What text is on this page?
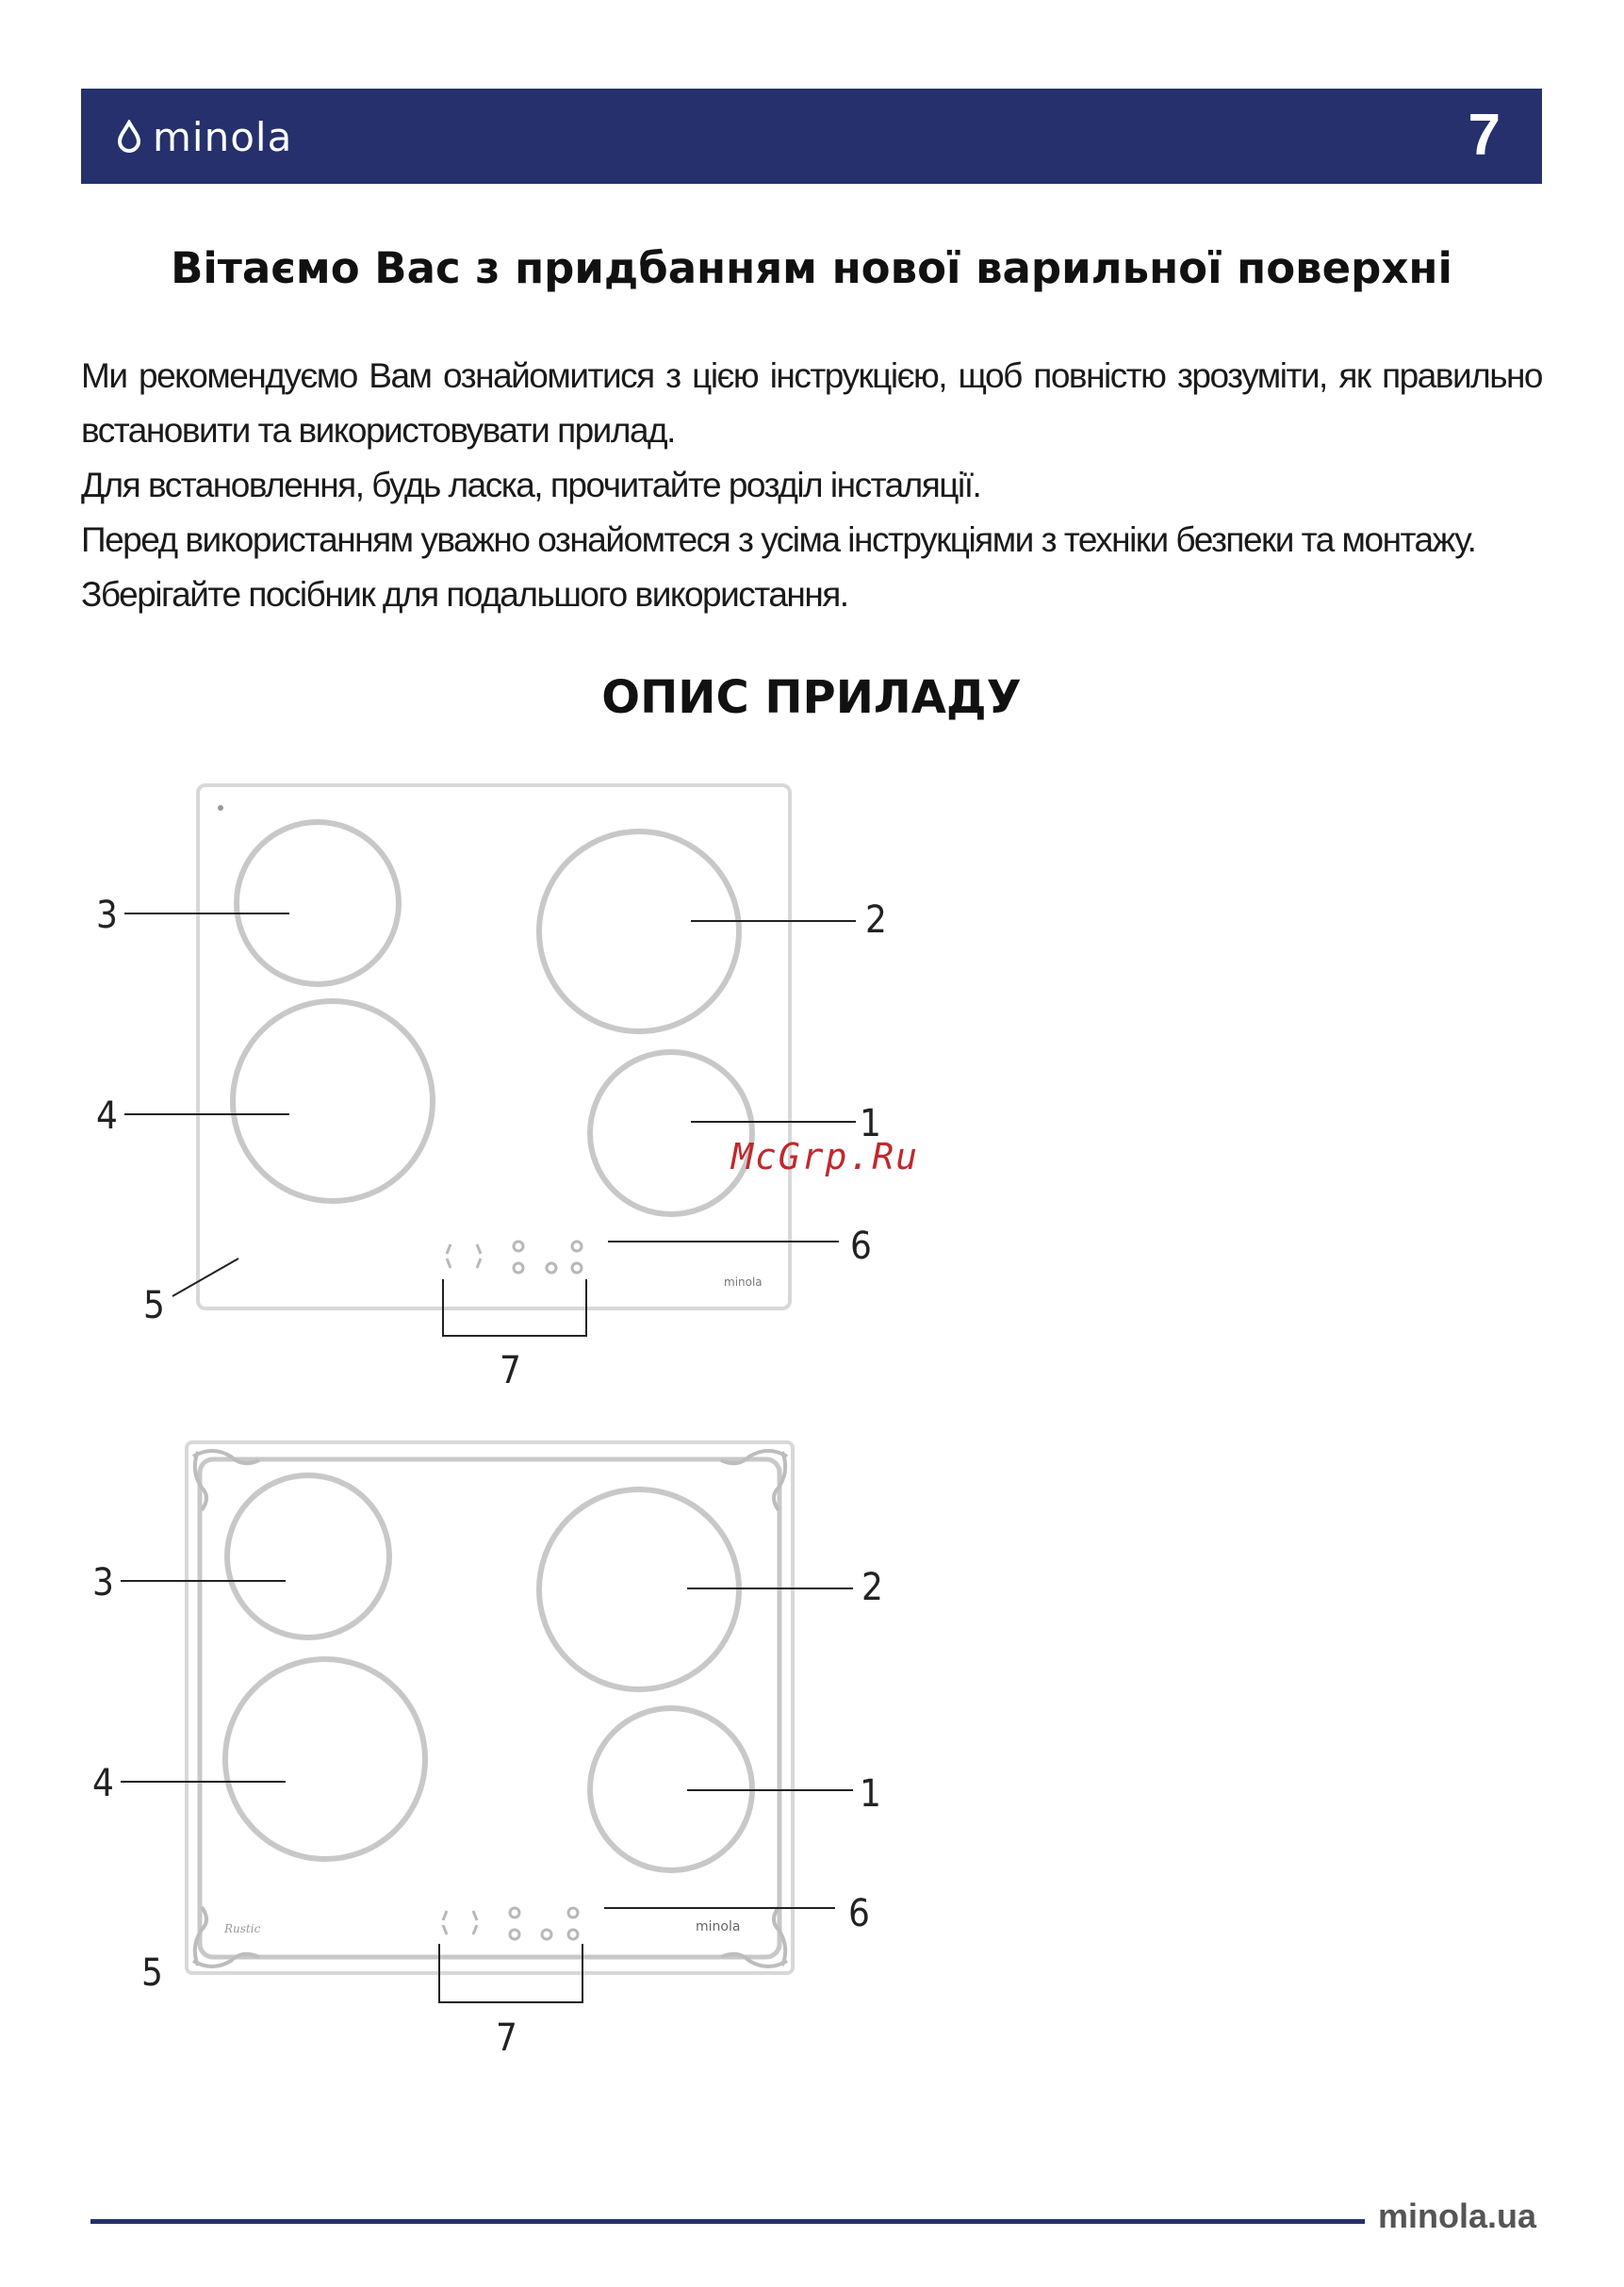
minola	7
Вітаємо Вас з придбанням нової варильної поверхні

Ми рекомендуємо Вам ознайомитися з цією інструкцією, щоб повністю зрозуміти, як правильно встановити та використовувати прилад.

Для встановлення, будь ласка, прочитайте розділ інсталяції.

Перед використанням уважно ознайомтеся з усіма інструкціями з техніки безпеки та монтажу.

Зберігайте посібник для подальшого використання.

ОПИС ПРИЛАДУ
minola
3	2
4	1
6
5
7
McGrp.Ru
Rustic	minola
3	2
4	1
6
5
7
minola.ua
